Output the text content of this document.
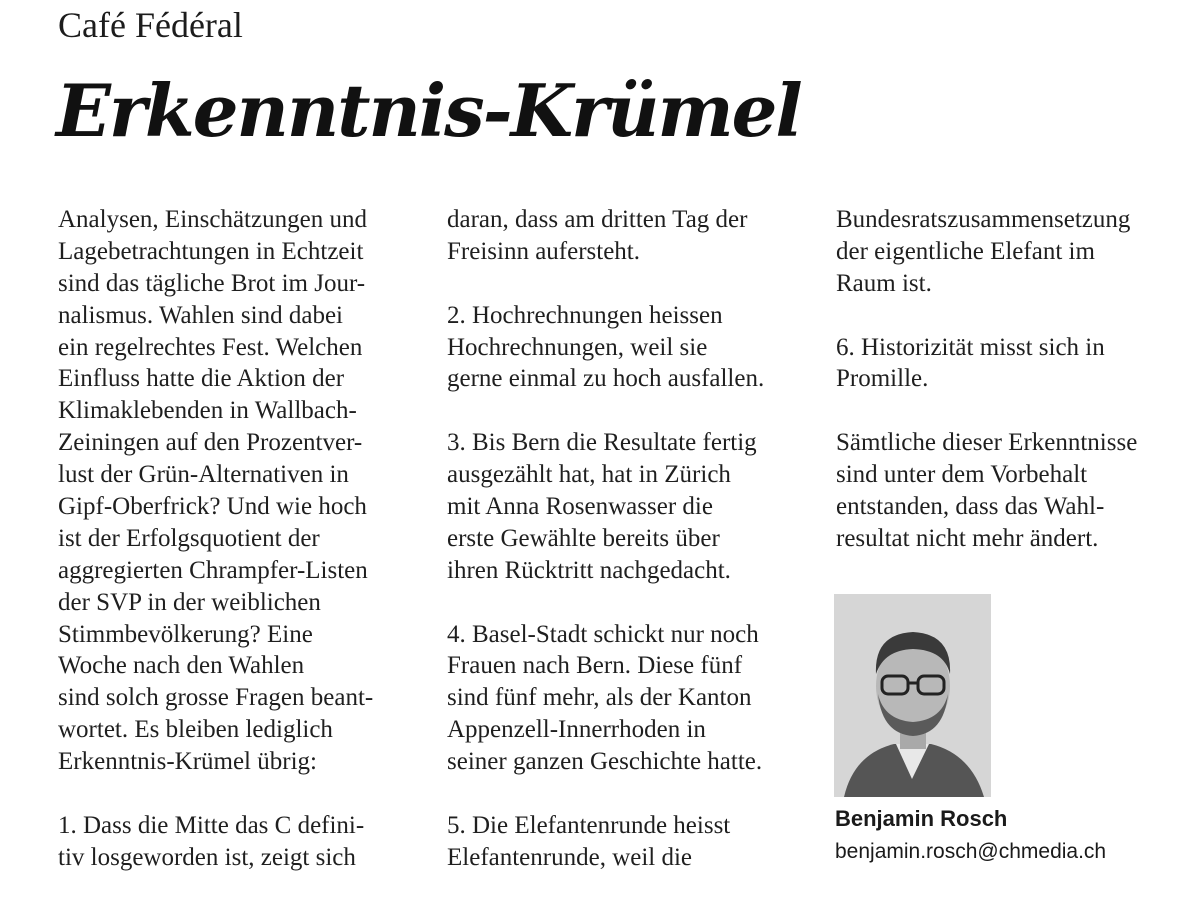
Café Fédéral
Erkenntnis-Krümel
Analysen, Einschätzungen und
Lagebetrachtungen in Echtzeit
sind das tägliche Brot im Jour-
nalismus. Wahlen sind dabei
ein regelrechtes Fest. Welchen
Einfluss hatte die Aktion der
Klimaklebenden in Wallbach-
Zeiningen auf den Prozentver-
lust der Grün-Alternativen in
Gipf-Oberfrick? Und wie hoch
ist der Erfolgsquotient der
aggregierten Chrampfer-Listen
der SVP in der weiblichen
Stimmbevölkerung? Eine
Woche nach den Wahlen
sind solch grosse Fragen beant-
wortet. Es bleiben lediglich
Erkenntnis-Krümel übrig:
1. Dass die Mitte das C defini-
tiv losgeworden ist, zeigt sich
daran, dass am dritten Tag der
Freisinn aufersteht.
2. Hochrechnungen heissen
Hochrechnungen, weil sie
gerne einmal zu hoch ausfallen.
3. Bis Bern die Resultate fertig
ausgezählt hat, hat in Zürich
mit Anna Rosenwasser die
erste Gewählte bereits über
ihren Rücktritt nachgedacht.
4. Basel-Stadt schickt nur noch
Frauen nach Bern. Diese fünf
sind fünf mehr, als der Kanton
Appenzell-Innerrhoden in
seiner ganzen Geschichte hatte.
5. Die Elefantenrunde heisst
Elefantenrunde, weil die
Bundesratszusammensetzung
der eigentliche Elefant im
Raum ist.
6. Historizität misst sich in
Promille.
Sämtliche dieser Erkenntnisse
sind unter dem Vorbehalt
entstanden, dass das Wahl-
resultat nicht mehr ändert.
Benjamin Rosch
benjamin.rosch@chmedia.ch
